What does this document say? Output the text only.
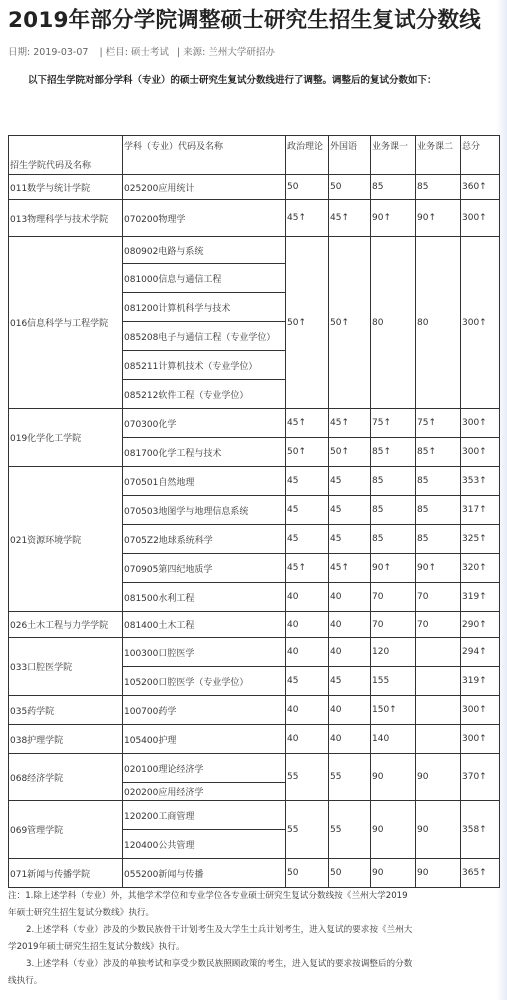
2019年部分学院调整硕士研究生招生复试分数线
日期: 2019-03-07 | 栏目: 硕士考试 | 来源: 兰州大学研招办
以下招生学院对部分学科（专业）的硕士研究生复试分数线进行了调整。调整后的复试分数如下：
招生学院代码及名称	学科（专业）代码及名称	政治理论	外国语	业务课一	业务课二	总分

011数学与统计学院	025200应用统计	50	50	85	85	360↑
013物理科学与技术学院	070200物理学	45↑	45↑	90↑	90↑	300↑
016信息科学与工程学院	080902电路与系统	50↑	50↑	80	80	300↑
	081000信息与通信工程					
	081200计算机科学与技术					
	085208电子与通信工程（专业学位）					
	085211计算机技术（专业学位）					
	085212软件工程（专业学位）					
019化学化工学院	070300化学	45↑	45↑	75↑	75↑	300↑
	081700化学工程与技术	50↑	50↑	85↑	85↑	300↑
021资源环境学院	070501自然地理	45	45	85	85	353↑
	070503地图学与地理信息系统	45	45	85	85	317↑
	0705Z2地球系统科学	45	45	85	85	325↑
	070905第四纪地质学	45↑	45↑	90↑	90↑	320↑
	081500水利工程	40	40	70	70	319↑
026土木工程与力学学院	081400土木工程	40	40	70	70	290↑
033口腔医学院	100300口腔医学	40	40	120		294↑
	105200口腔医学（专业学位）	45	45	155		319↑
035药学院	100700药学	40	40	150↑		300↑
038护理学院	105400护理	40	40	140		300↑
068经济学院	020100理论经济学	55	55	90	90	370↑
	020200应用经济学					
069管理学院	120200工商管理	55	55	90	90	358↑
	120400公共管理					
071新闻与传播学院	055200新闻与传播	50	50	90	90	365↑

注：1.除上述学科（专业）外，其他学术学位和专业学位各专业硕士研究生复试分数线按《兰州大学2019

年硕士研究生招生复试分数线》执行。

2.上述学科（专业）涉及的少数民族骨干计划考生及大学生士兵计划考生，进入复试的要求按《兰州大

学2019年硕士研究生招生复试分数线》执行。

3.上述学科（专业）涉及的单独考试和享受少数民族照顾政策的考生，进入复试的要求按调整后的分数

线执行。
